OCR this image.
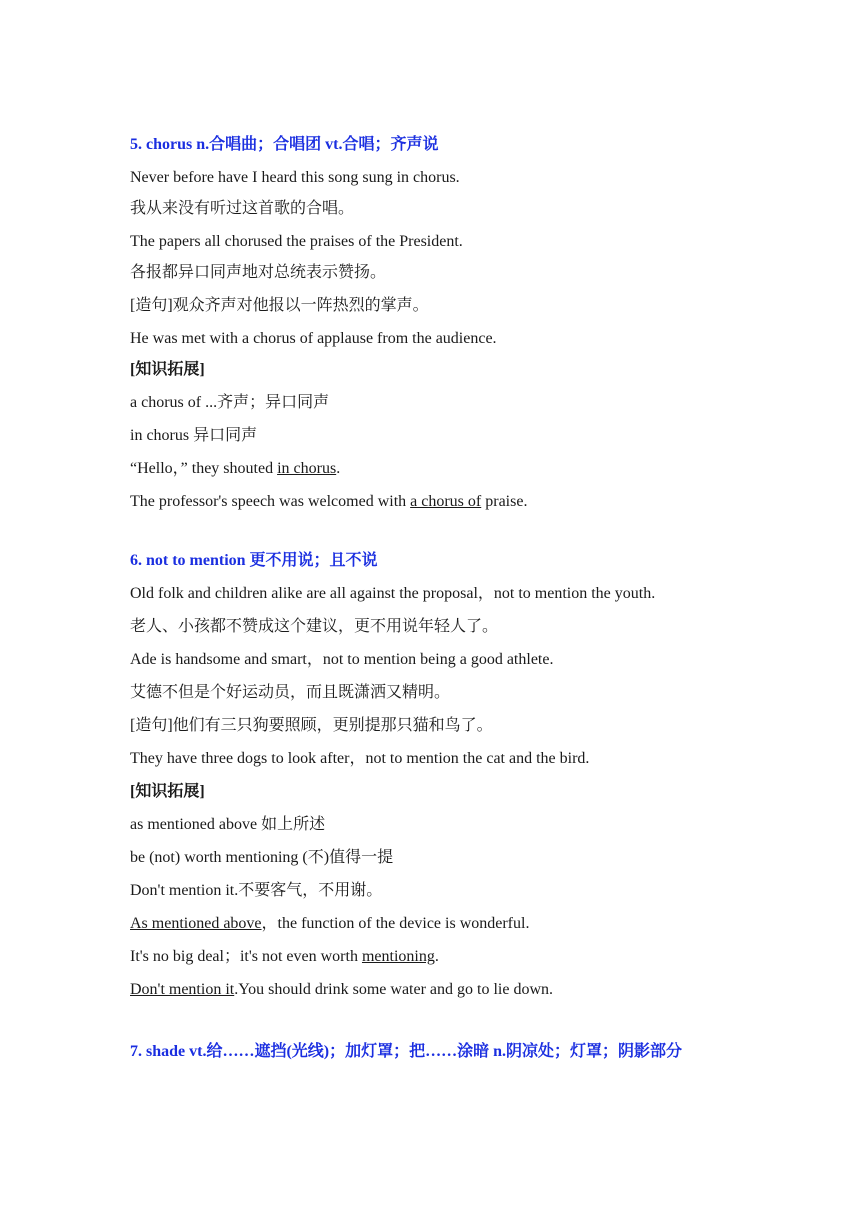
5. chorus n.合唱曲；合唱团 vt.合唱；齐声说
Never before have I heard this song sung in chorus.
我从来没有听过这首歌的合唱。
The papers all chorused the praises of the President.
各报都异口同声地对总统表示赞扬。
[造句]观众齐声对他报以一阵热烈的掌声。
He was met with a chorus of applause from the audience.
[知识拓展]
a chorus of ...齐声；异口同声
in chorus 异口同声
“Hello，” they shouted in chorus.
The professor's speech was welcomed with a chorus of praise.
6. not to mention 更不用说；且不说
Old folk and children alike are all against the proposal，not to mention the youth.
老人、小孩都不赞成这个建议，更不用说年轻人了。
Ade is handsome and smart，not to mention being a good athlete.
艾德不但是个好运动员，而且既潇洒又精明。
[造句]他们有三只狗要照顾，更别提那只猫和鸟了。
They have three dogs to look after，not to mention the cat and the bird.
[知识拓展]
as mentioned above 如上所述
be (not) worth mentioning (不)值得一提
Don't mention it.不要客气，不用谢。
As mentioned above，the function of the device is wonderful.
It's no big deal；it's not even worth mentioning.
Don't mention it.You should drink some water and go to lie down.
7. shade vt.给……遮挡(光线)；加灯罩；把……涂暗 n.阴凉处；灯罩；阴影部分
